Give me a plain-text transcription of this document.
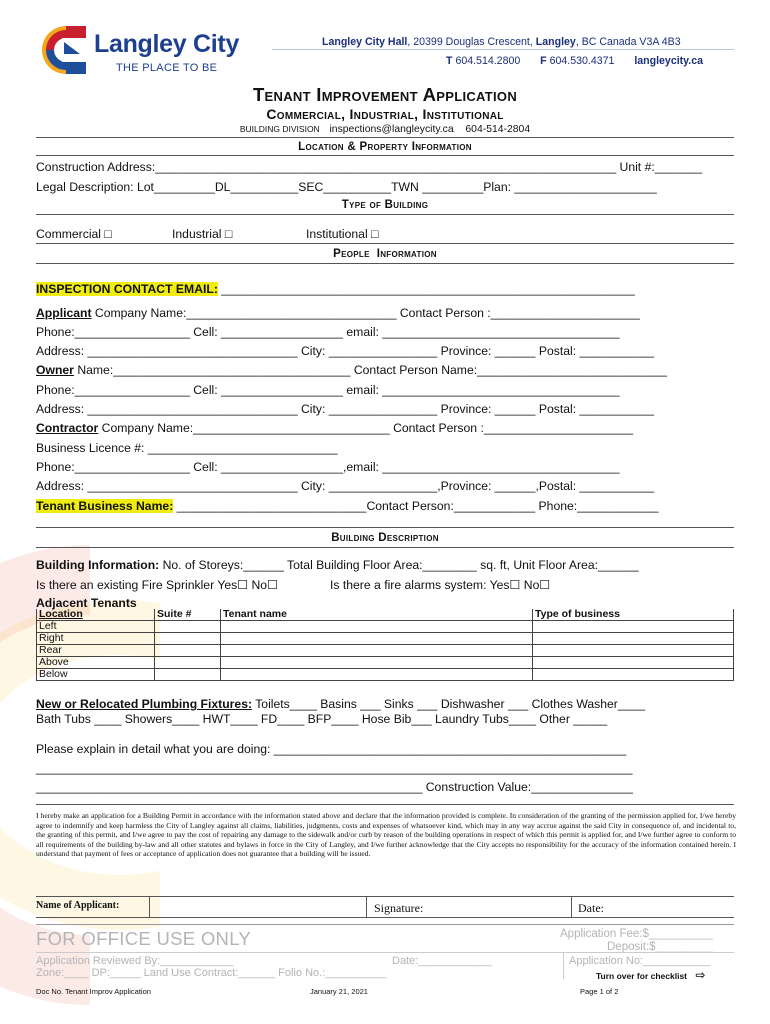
Langley City
THE PLACE TO BE
Langley City Hall, 20399 Douglas Crescent, Langley, BC Canada V3A 4B3
T 604.514.2800 F 604.530.4371 langleycity.ca
Tenant Improvement Application
Commercial, Industrial, Institutional
BUILDING DIVISION inspections@langleycity.ca 604-514-2804
Location & Property Information
Construction Address:____________________________________________________________________ Unit #:_______
Legal Description: Lot_________DL__________SEC__________TWN _________Plan: _____________________
Type of Building
Commercial □	Industrial □	Institutional □
People  Information
INSPECTION CONTACT EMAIL: _____________________________________________________________
Applicant Company Name:_______________________________ Contact Person :______________________
Phone:_________________ Cell: __________________ email: ___________________________________
Address: _______________________________ City: ________________ Province: ______ Postal: ___________
Owner Name:___________________________________ Contact Person Name:____________________________
Phone:_________________ Cell: __________________ email: ___________________________________
Address: _______________________________ City: ________________ Province: ______ Postal: ___________
Contractor Company Name:_____________________________ Contact Person :______________________
Business Licence #: ____________________________
Phone:_________________ Cell: __________________,email: ___________________________________
Address: _______________________________ City: ________________,Province: ______,Postal: ___________
Tenant Business Name: ____________________________Contact Person:____________ Phone:____________
Building Description
Building Information: No. of Storeys:______ Total Building Floor Area:________ sq. ft, Unit Floor Area:______
Is there an existing Fire Sprinkler Yes☐ No☐	Is there a fire alarms system: Yes☐ No☐
Adjacent Tenants
Location	Suite #	Tenant name	Type of business
Left			
Right			
Rear			
Above			
Below			
New or Relocated Plumbing Fixtures: Toilets____ Basins ___ Sinks ___ Dishwasher ___ Clothes Washer____
Bath Tubs ____ Showers____ HWT____ FD____ BFP____ Hose Bib___ Laundry Tubs____ Other _____
Please explain in detail what you are doing: ____________________________________________________
________________________________________________________________________________________
_________________________________________________________ Construction Value:_______________
I hereby make an application for a Building Permit in accordance with the information stated above and declare that the information provided is complete. In consideration of the granting of the permission applied for, I/we hereby agree to indemnify and keep harmless the City of Langley against all claims, liabilities, judgments, costs and expenses of whatsoever kind, which may in any way accrue against the said City in consequence of, and incidental to, the granting of this permit, and I/we agree to pay the cost of repairing any damage to the sidewalk and/or curb by reason of the building operations in respect of which this permit is applied for, and I/we further agree to conform to all requirements of the building by-law and all other statutes and bylaws in force in the City of Langley, and I/we further acknowledge that the City accepts no responsibility for the accuracy of the information contained herein. I understand that payment of fees or acceptance of application does not guarantee that a building will be issued.
Name of Applicant:	Signature:	Date:
FOR OFFICE USE ONLY	Application Fee:$__________
Deposit:$_________
Application Reviewed By:____________	Date:____________	Application No:___________
Zone:____ DP:_____ Land Use Contract:______ Folio No.:__________	Turn over for checklist ⇨
Doc No. Tenant Improv Application	January 21, 2021	Page 1 of 2
